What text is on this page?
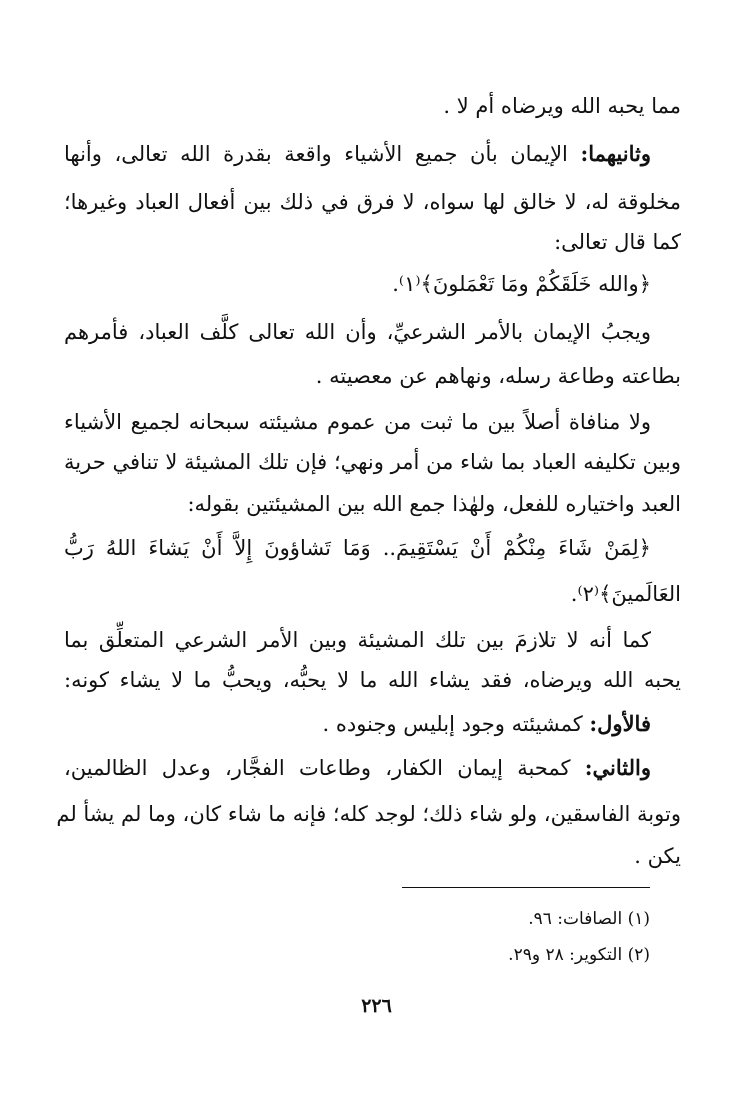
مما يحبه الله ويرضاه أم لا .
وثانيهما: الإيمان بأن جميع الأشياء واقعة بقدرة الله تعالى، وأنها
مخلوقة له، لا خالق لها سواه، لا فرق في ذلك بين أفعال العباد وغيرها؛
كما قال تعالى:
﴿والله خَلَقَكُمْ ومَا تَعْمَلونَ﴾⁽١⁾.
ويجبُ الإيمان بالأمر الشرعيِّ، وأن الله تعالى كلَّف العباد، فأمرهم
بطاعته وطاعة رسله، ونهاهم عن معصيته .
ولا منافاة أصلاً بين ما ثبت من عموم مشيئته سبحانه لجميع الأشياء
وبين تكليفه العباد بما شاء من أمر ونهي؛ فإن تلك المشيئة لا تنافي حرية
العبد واختياره للفعل، ولهٰذا جمع الله بين المشيئتين بقوله:
﴿لِمَنْ شَاءَ مِنْكُمْ أَنْ يَسْتَقِيمَ.. وَمَا تَشاؤونَ إِلاَّ أَنْ يَشاءَ اللهُ رَبُّ
العَالَمينَ﴾⁽٢⁾.
كما أنه لا تلازمَ بين تلك المشيئة وبين الأمر الشرعي المتعلِّق بما
يحبه الله ويرضاه، فقد يشاء الله ما لا يحبُّه، ويحبُّ ما لا يشاء كونه:
فالأول: كمشيئته وجود إبليس وجنوده .
والثاني: كمحبة إيمان الكفار، وطاعات الفجَّار، وعدل الظالمين،
وتوبة الفاسقين، ولو شاء ذلك؛ لوجد كله؛ فإنه ما شاء كان، وما لم يشأ لم
يكن .
(١) الصافات: ٩٦.
(٢) التكوير: ٢٨ و٢٩.
٢٢٦
